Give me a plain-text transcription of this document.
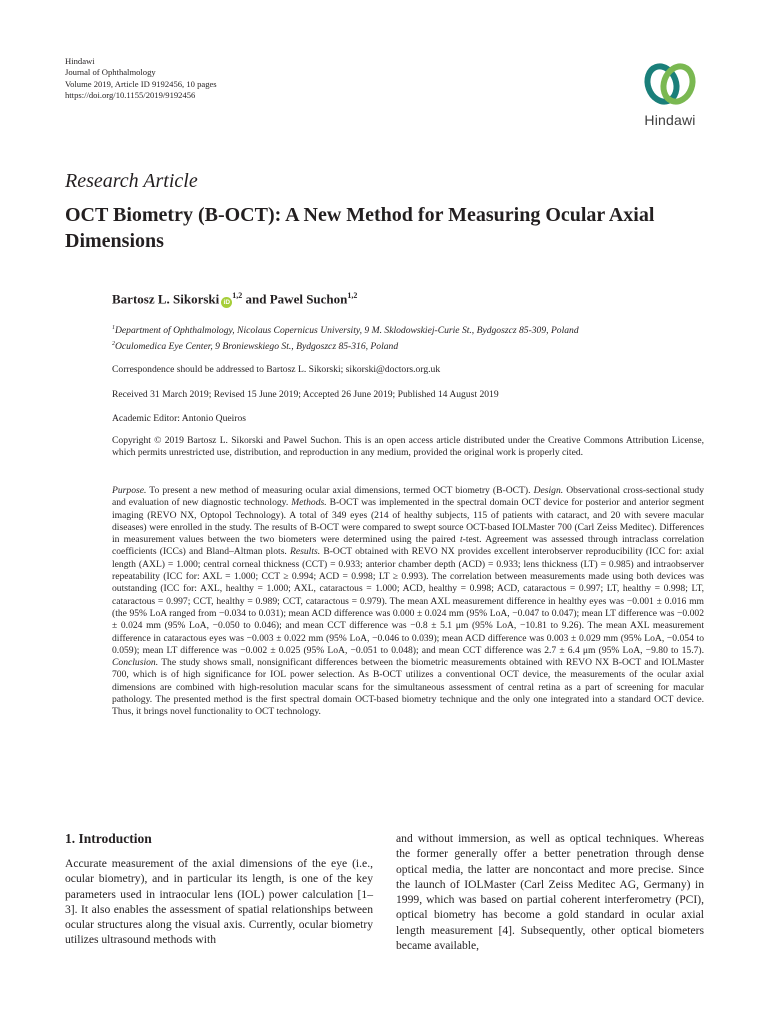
Hindawi
Journal of Ophthalmology
Volume 2019, Article ID 9192456, 10 pages
https://doi.org/10.1155/2019/9192456
Hindawi
Research Article
OCT Biometry (B-OCT): A New Method for Measuring Ocular Axial Dimensions
Bartosz L. Sikorski iD$^{1,2}$ and Pawel Suchon$^{1,2}$
$^1$Department of Ophthalmology, Nicolaus Copernicus University, 9 M. Sklodowskiej-Curie St., Bydgoszcz 85-309, Poland
$^2$Oculomedica Eye Center, 9 Broniewskiego St., Bydgoszcz 85-316, Poland
Correspondence should be addressed to Bartosz L. Sikorski; sikorski@doctors.org.uk
Received 31 March 2019; Revised 15 June 2019; Accepted 26 June 2019; Published 14 August 2019
Academic Editor: Antonio Queiros
Copyright © 2019 Bartosz L. Sikorski and Pawel Suchon. This is an open access article distributed under the Creative Commons Attribution License, which permits unrestricted use, distribution, and reproduction in any medium, provided the original work is properly cited.
Purpose. To present a new method of measuring ocular axial dimensions, termed OCT biometry (B-OCT). Design. Observational cross-sectional study and evaluation of new diagnostic technology. Methods. B-OCT was implemented in the spectral domain OCT device for posterior and anterior segment imaging (REVO NX, Optopol Technology). A total of 349 eyes (214 of healthy subjects, 115 of patients with cataract, and 20 with severe macular diseases) were enrolled in the study. The results of B-OCT were compared to swept source OCT-based IOLMaster 700 (Carl Zeiss Meditec). Differences in measurement values between the two biometers were determined using the paired t-test. Agreement was assessed through intraclass correlation coefficients (ICCs) and Bland–Altman plots. Results. B-OCT obtained with REVO NX provides excellent interobserver reproducibility (ICC for: axial length (AXL) = 1.000; central corneal thickness (CCT) = 0.933; anterior chamber depth (ACD) = 0.933; lens thickness (LT) = 0.985) and intraobserver repeatability (ICC for: AXL = 1.000; CCT ≥ 0.994; ACD = 0.998; LT ≥ 0.993). The correlation between measurements made using both devices was outstanding (ICC for: AXL, healthy = 1.000; AXL, cataractous = 1.000; ACD, healthy = 0.998; ACD, cataractous = 0.997; LT, healthy = 0.998; LT, cataractous = 0.997; CCT, healthy = 0.989; CCT, cataractous = 0.979). The mean AXL measurement difference in healthy eyes was −0.001 ± 0.016 mm (the 95% LoA ranged from −0.034 to 0.031); mean ACD difference was 0.000 ± 0.024 mm (95% LoA, −0.047 to 0.047); mean LT difference was −0.002 ± 0.024 mm (95% LoA, −0.050 to 0.046); and mean CCT difference was −0.8 ± 5.1 μm (95% LoA, −10.81 to 9.26). The mean AXL measurement difference in cataractous eyes was −0.003 ± 0.022 mm (95% LoA, −0.046 to 0.039); mean ACD difference was 0.003 ± 0.029 mm (95% LoA, −0.054 to 0.059); mean LT difference was −0.002 ± 0.025 (95% LoA, −0.051 to 0.048); and mean CCT difference was 2.7 ± 6.4 μm (95% LoA, −9.80 to 15.7). Conclusion. The study shows small, nonsignificant differences between the biometric measurements obtained with REVO NX B-OCT and IOLMaster 700, which is of high significance for IOL power selection. As B-OCT utilizes a conventional OCT device, the measurements of the ocular axial dimensions are combined with high-resolution macular scans for the simultaneous assessment of central retina as a part of screening for macular pathology. The presented method is the first spectral domain OCT-based biometry technique and the only one integrated into a standard OCT device. Thus, it brings novel functionality to OCT technology.
1. Introduction
Accurate measurement of the axial dimensions of the eye (i.e., ocular biometry), and in particular its length, is one of the key parameters used in intraocular lens (IOL) power calculation [1–3]. It also enables the assessment of spatial relationships between ocular structures along the visual axis. Currently, ocular biometry utilizes ultrasound methods with
and without immersion, as well as optical techniques. Whereas the former generally offer a better penetration through dense optical media, the latter are noncontact and more precise. Since the launch of IOLMaster (Carl Zeiss Meditec AG, Germany) in 1999, which was based on partial coherent interferometry (PCI), optical biometry has become a gold standard in ocular axial length measurement [4]. Subsequently, other optical biometers became available,
